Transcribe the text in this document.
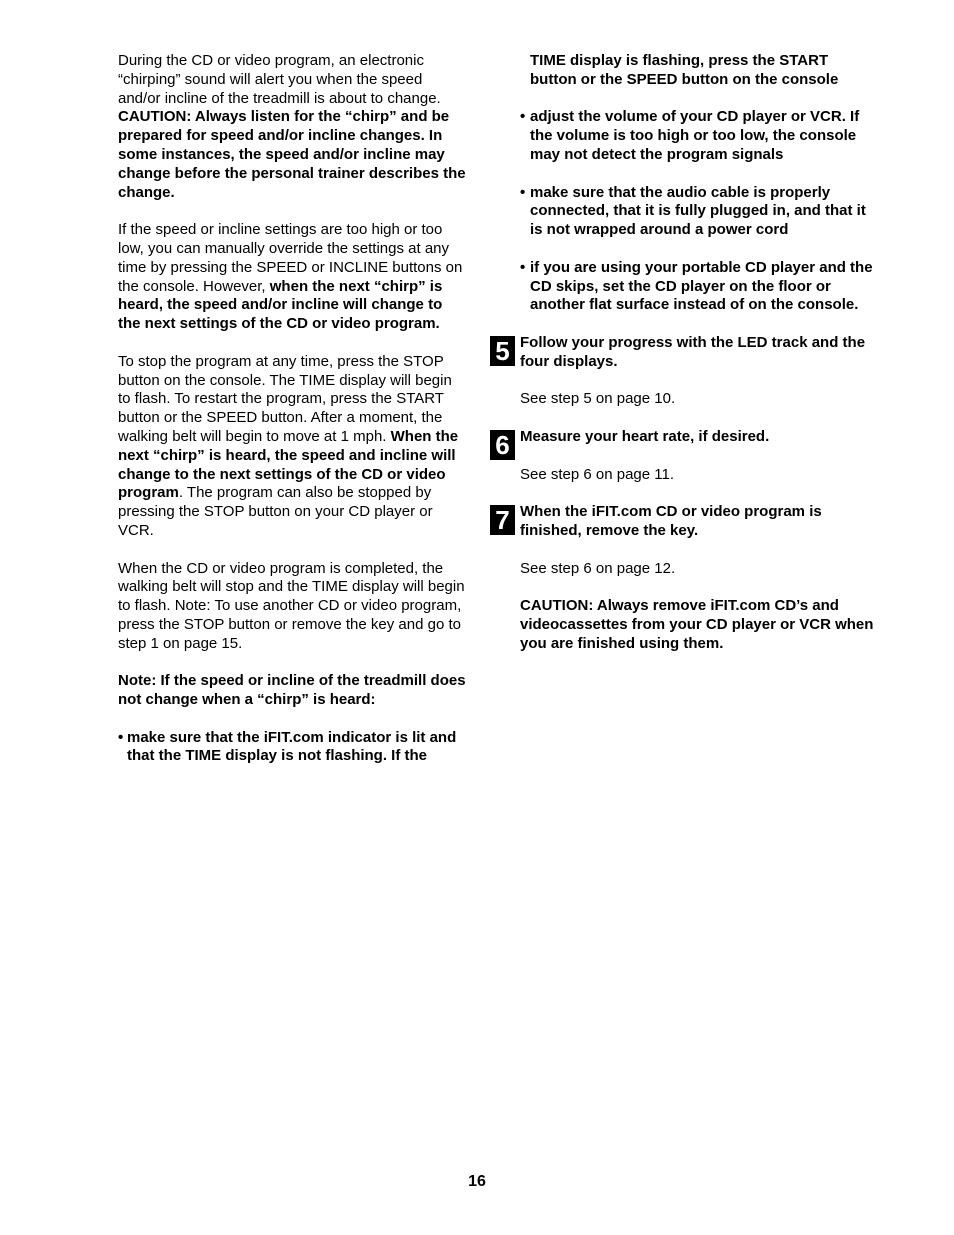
During the CD or video program, an electronic “chirping” sound will alert you when the speed and/or incline of the treadmill is about to change. CAUTION: Always listen for the “chirp” and be prepared for speed and/or incline changes. In some instances, the speed and/or incline may change before the personal trainer describes the change.

If the speed or incline settings are too high or too low, you can manually override the settings at any time by pressing the SPEED or INCLINE buttons on the console. However, when the next “chirp” is heard, the speed and/or incline will change to the next settings of the CD or video program.

To stop the program at any time, press the STOP button on the console. The TIME display will begin to flash. To restart the program, press the START button or the SPEED button. After a moment, the walking belt will begin to move at 1 mph. When the next “chirp” is heard, the speed and incline will change to the next settings of the CD or video program. The program can also be stopped by pressing the STOP button on your CD player or VCR.

When the CD or video program is completed, the walking belt will stop and the TIME display will begin to flash. Note: To use another CD or video program, press the STOP button or remove the key and go to step 1 on page 15.

Note: If the speed or incline of the treadmill does not change when a “chirp” is heard:

• make sure that the iFIT.com indicator is lit and that the TIME display is not flashing. If the

TIME display is flashing, press the START button or the SPEED button on the console

• adjust the volume of your CD player or VCR. If the volume is too high or too low, the console may not detect the program signals
• make sure that the audio cable is properly connected, that it is fully plugged in, and that it is not wrapped around a power cord
• if you are using your portable CD player and the CD skips, set the CD player on the floor or another flat surface instead of on the console.
5 Follow your progress with the LED track and the four displays.

See step 5 on page 10.

6 Measure your heart rate, if desired.

See step 6 on page 11.

7 When the iFIT.com CD or video program is finished, remove the key.

See step 6 on page 12.

CAUTION: Always remove iFIT.com CD’s and videocassettes from your CD player or VCR when you are finished using them.

16
